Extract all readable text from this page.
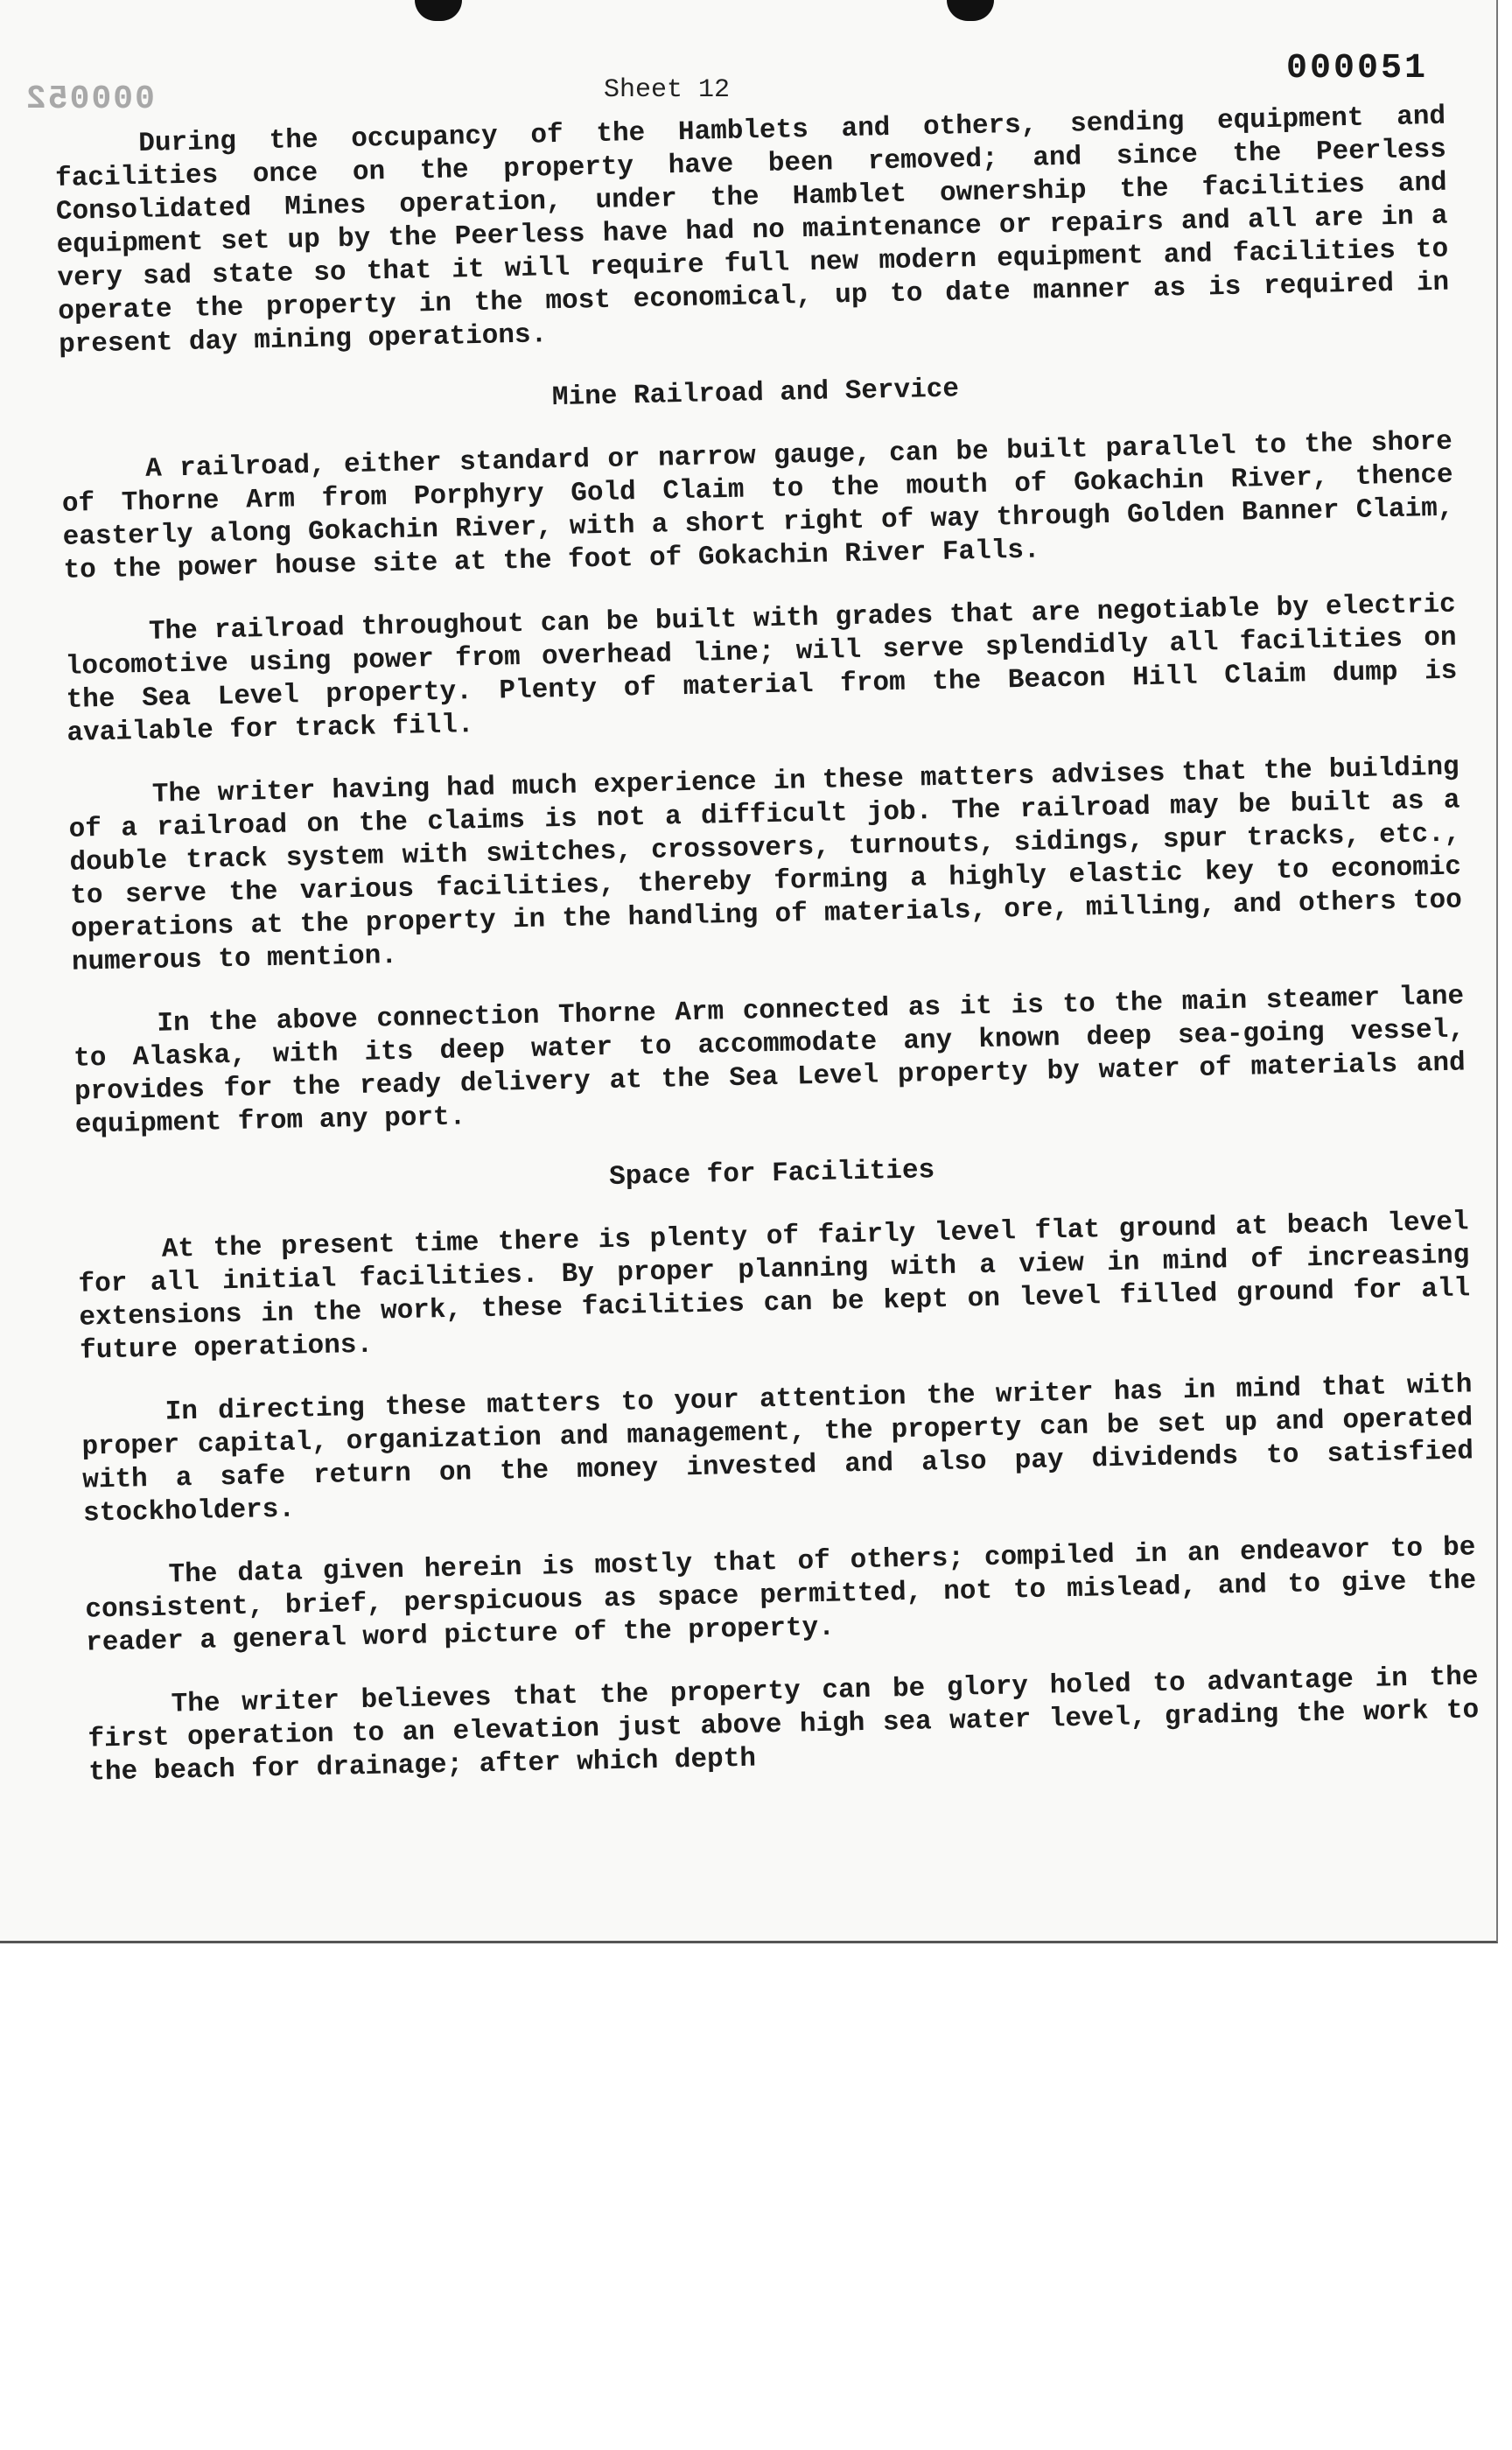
000052	Sheet 12
000051

During the occupancy of the Hamblets and others, sending equipment and facilities once on the property have been removed; and since the Peerless Consolidated Mines operation, under the Hamblet ownership the facilities and equipment set up by the Peerless have had no maintenance or repairs and all are in a very sad state so that it will require full new modern equipment and facilities to operate the property in the most economical, up to date manner as is required in present day mining operations.

Mine Railroad and Service

A railroad, either standard or narrow gauge, can be built parallel to the shore of Thorne Arm from Porphyry Gold Claim to the mouth of Gokachin River, thence easterly along Gokachin River, with a short right of way through Golden Banner Claim, to the power house site at the foot of Gokachin River Falls.

The railroad throughout can be built with grades that are negotiable by electric locomotive using power from overhead line; will serve splendidly all facilities on the Sea Level property. Plenty of material from the Beacon Hill Claim dump is available for track fill.

The writer having had much experience in these matters advises that the building of a railroad on the claims is not a difficult job. The railroad may be built as a double track system with switches, crossovers, turnouts, sidings, spur tracks, etc., to serve the various facilities, thereby forming a highly elastic key to economic operations at the property in the handling of materials, ore, milling, and others too numerous to mention.

In the above connection Thorne Arm connected as it is to the main steamer lane to Alaska, with its deep water to accommodate any known deep sea-going vessel, provides for the ready delivery at the Sea Level property by water of materials and equipment from any port.

Space for Facilities

At the present time there is plenty of fairly level flat ground at beach level for all initial facilities. By proper planning with a view in mind of increasing extensions in the work, these facilities can be kept on level filled ground for all future operations.

In directing these matters to your attention the writer has in mind that with proper capital, organization and management, the property can be set up and operated with a safe return on the money invested and also pay dividends to satisfied stockholders.

The data given herein is mostly that of others; compiled in an endeavor to be consistent, brief, perspicuous as space permitted, not to mislead, and to give the reader a general word picture of the property.

The writer believes that the property can be glory holed to advantage in the first operation to an elevation just above high sea water level, grading the work to the beach for drainage; after which depth
